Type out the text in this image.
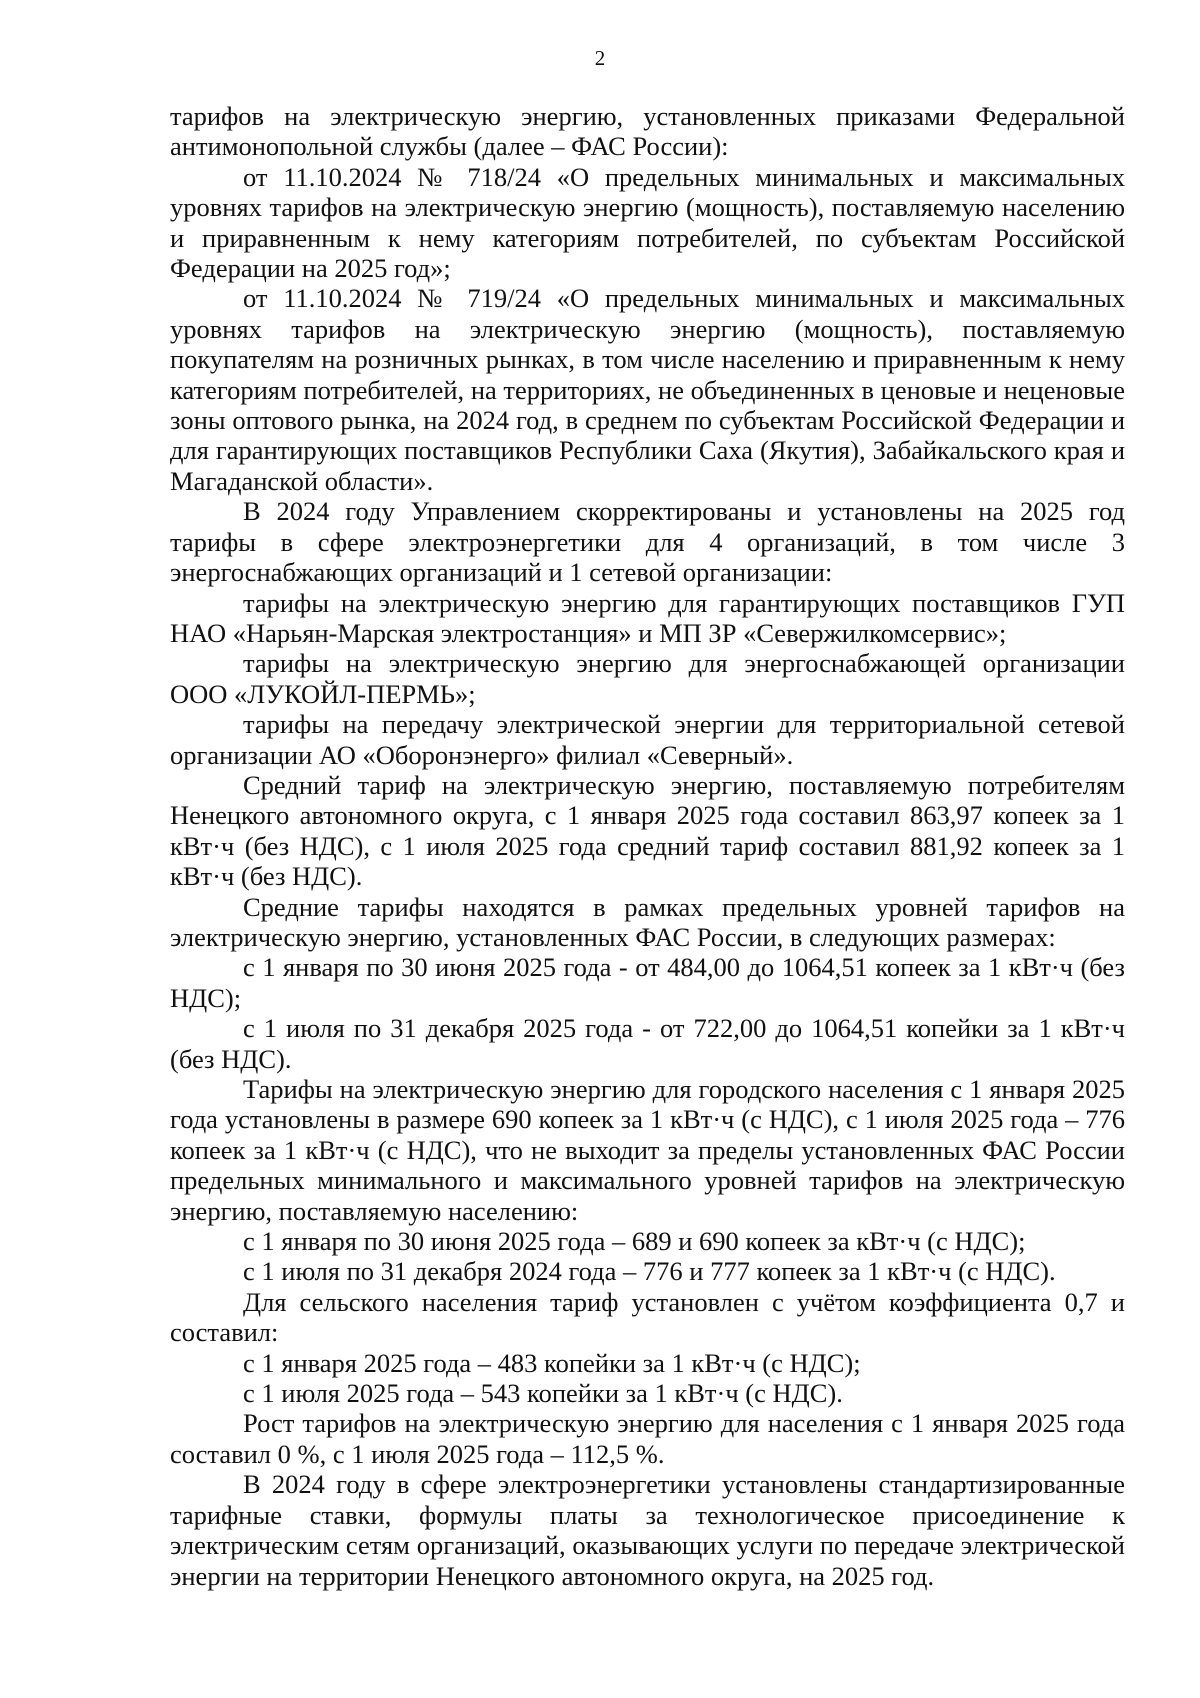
2

тарифов на электрическую энергию, установленных приказами Федеральной антимонопольной службы (далее – ФАС России):

от 11.10.2024 № 718/24 «О предельных минимальных и максимальных уровнях тарифов на электрическую энергию (мощность), поставляемую населению и приравненным к нему категориям потребителей, по субъектам Российской Федерации на 2025 год»;

от 11.10.2024 № 719/24 «О предельных минимальных и максимальных уровнях тарифов на электрическую энергию (мощность), поставляемую покупателям на розничных рынках, в том числе населению и приравненным к нему категориям потребителей, на территориях, не объединенных в ценовые и неценовые зоны оптового рынка, на 2024 год, в среднем по субъектам Российской Федерации и для гарантирующих поставщиков Республики Саха (Якутия), Забайкальского края и Магаданской области».

В 2024 году Управлением скорректированы и установлены на 2025 год тарифы в сфере электроэнергетики для 4 организаций, в том числе 3 энергоснабжающих организаций и 1 сетевой организации:

тарифы на электрическую энергию для гарантирующих поставщиков ГУП НАО «Нарьян-Марская электростанция» и МП ЗР «Севержилкомсервис»;

тарифы на электрическую энергию для энергоснабжающей организации ООО «ЛУКОЙЛ-ПЕРМЬ»;

тарифы на передачу электрической энергии для территориальной сетевой организации АО «Оборонэнерго» филиал «Северный».

Средний тариф на электрическую энергию, поставляемую потребителям Ненецкого автономного округа, с 1 января 2025 года составил 863,97 копеек за 1 кВт·ч (без НДС), с 1 июля 2025 года средний тариф составил 881,92 копеек за 1 кВт·ч (без НДС).

Средние тарифы находятся в рамках предельных уровней тарифов на электрическую энергию, установленных ФАС России, в следующих размерах:

с 1 января по 30 июня 2025 года - от 484,00 до 1064,51 копеек за 1 кВт·ч (без НДС);

с 1 июля по 31 декабря 2025 года - от 722,00 до 1064,51 копейки за 1 кВт·ч (без НДС).

Тарифы на электрическую энергию для городского населения с 1 января 2025 года установлены в размере 690 копеек за 1 кВт·ч (с НДС), с 1 июля 2025 года – 776 копеек за 1 кВт·ч (с НДС), что не выходит за пределы установленных ФАС России предельных минимального и максимального уровней тарифов на электрическую энергию, поставляемую населению:

с 1 января по 30 июня 2025 года – 689 и 690 копеек за кВт·ч (с НДС);

с 1 июля по 31 декабря 2024 года – 776 и 777 копеек за 1 кВт·ч (с НДС).

Для сельского населения тариф установлен с учётом коэффициента 0,7 и составил:

с 1 января 2025 года – 483 копейки за 1 кВт·ч (с НДС);

с 1 июля 2025 года – 543 копейки за 1 кВт·ч (с НДС).

Рост тарифов на электрическую энергию для населения с 1 января 2025 года составил 0 %, с 1 июля 2025 года – 112,5 %.

В 2024 году в сфере электроэнергетики установлены стандартизированные тарифные ставки, формулы платы за технологическое присоединение к электрическим сетям организаций, оказывающих услуги по передаче электрической энергии на территории Ненецкого автономного округа, на 2025 год.
